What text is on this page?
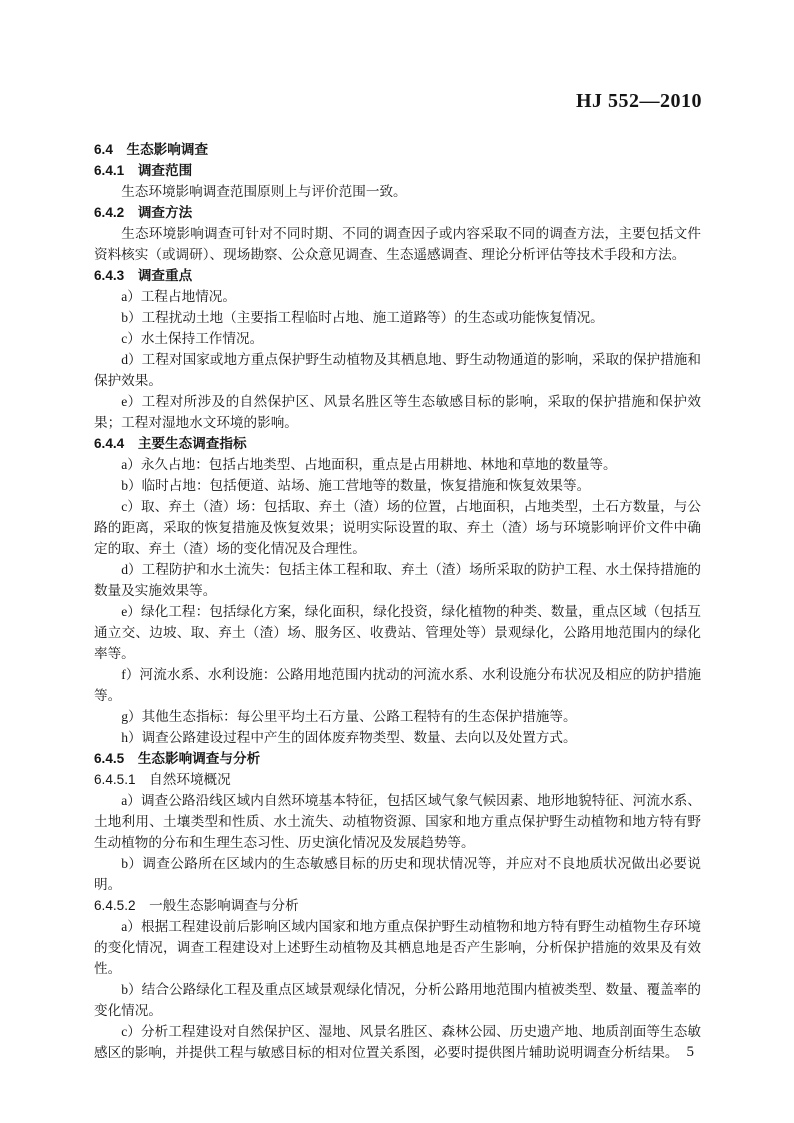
HJ 552—2010
6.4　生态影响调查
6.4.1　调查范围
生态环境影响调查范围原则上与评价范围一致。
6.4.2　调查方法
生态环境影响调查可针对不同时期、不同的调查因子或内容采取不同的调查方法，主要包括文件资料核实（或调研）、现场勘察、公众意见调查、生态遥感调查、理论分析评估等技术手段和方法。
6.4.3　调查重点
a）工程占地情况。
b）工程扰动土地（主要指工程临时占地、施工道路等）的生态或功能恢复情况。
c）水土保持工作情况。
d）工程对国家或地方重点保护野生动植物及其栖息地、野生动物通道的影响，采取的保护措施和保护效果。
e）工程对所涉及的自然保护区、风景名胜区等生态敏感目标的影响，采取的保护措施和保护效果；工程对湿地水文环境的影响。
6.4.4　主要生态调查指标
a）永久占地：包括占地类型、占地面积，重点是占用耕地、林地和草地的数量等。
b）临时占地：包括便道、站场、施工营地等的数量，恢复措施和恢复效果等。
c）取、弃土（渣）场：包括取、弃土（渣）场的位置，占地面积，占地类型，土石方数量，与公路的距离，采取的恢复措施及恢复效果；说明实际设置的取、弃土（渣）场与环境影响评价文件中确定的取、弃土（渣）场的变化情况及合理性。
d）工程防护和水土流失：包括主体工程和取、弃土（渣）场所采取的防护工程、水土保持措施的数量及实施效果等。
e）绿化工程：包括绿化方案，绿化面积，绿化投资，绿化植物的种类、数量，重点区域（包括互通立交、边坡、取、弃土（渣）场、服务区、收费站、管理处等）景观绿化，公路用地范围内的绿化率等。
f）河流水系、水利设施：公路用地范围内扰动的河流水系、水利设施分布状况及相应的防护措施等。
g）其他生态指标：每公里平均土石方量、公路工程特有的生态保护措施等。
h）调查公路建设过程中产生的固体废弃物类型、数量、去向以及处置方式。
6.4.5　生态影响调查与分析
6.4.5.1　自然环境概况
a）调查公路沿线区域内自然环境基本特征，包括区域气象气候因素、地形地貌特征、河流水系、土地利用、土壤类型和性质、水土流失、动植物资源、国家和地方重点保护野生动植物和地方特有野生动植物的分布和生理生态习性、历史演化情况及发展趋势等。
b）调查公路所在区域内的生态敏感目标的历史和现状情况等，并应对不良地质状况做出必要说明。
6.4.5.2　一般生态影响调查与分析
a）根据工程建设前后影响区域内国家和地方重点保护野生动植物和地方特有野生动植物生存环境的变化情况，调查工程建设对上述野生动植物及其栖息地是否产生影响，分析保护措施的效果及有效性。
b）结合公路绿化工程及重点区域景观绿化情况，分析公路用地范围内植被类型、数量、覆盖率的变化情况。
c）分析工程建设对自然保护区、湿地、风景名胜区、森林公园、历史遗产地、地质剖面等生态敏感区的影响，并提供工程与敏感目标的相对位置关系图，必要时提供图片辅助说明调查分析结果。 5
